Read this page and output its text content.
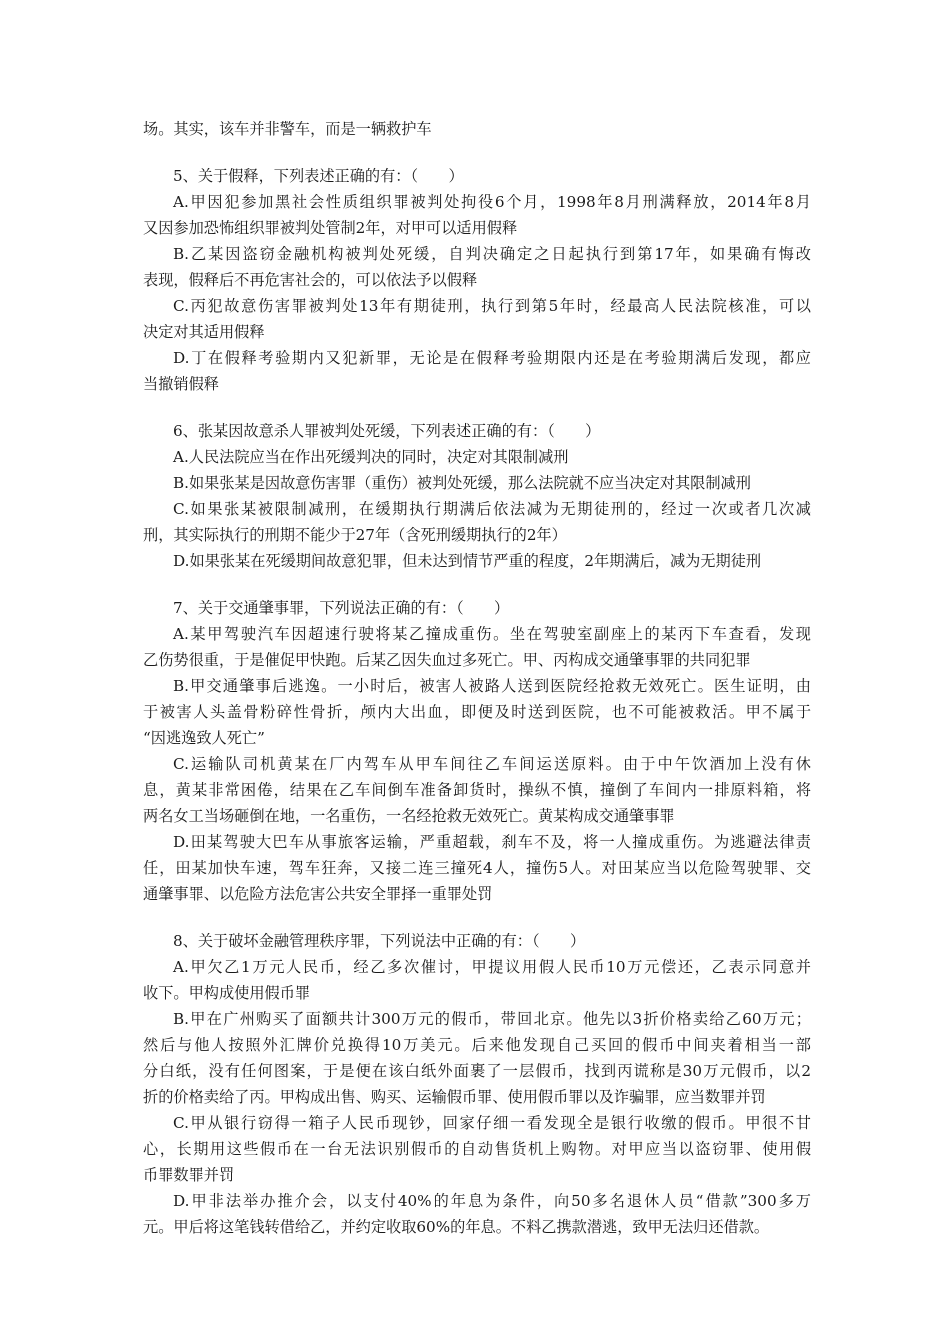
场。其实，该车并非警车，而是一辆救护车
5、关于假释，下列表述正确的有：（　　）
A.甲因犯参加黑社会性质组织罪被判处拘役6个月，1998年8月刑满释放，2014年8月
又因参加恐怖组织罪被判处管制2年，对甲可以适用假释
B.乙某因盗窃金融机构被判处死缓，自判决确定之日起执行到第17年，如果确有悔改
表现，假释后不再危害社会的，可以依法予以假释
C.丙犯故意伤害罪被判处13年有期徒刑，执行到第5年时，经最高人民法院核准，可以
决定对其适用假释
D.丁在假释考验期内又犯新罪，无论是在假释考验期限内还是在考验期满后发现，都应
当撤销假释
6、张某因故意杀人罪被判处死缓，下列表述正确的有：（　　）
A.人民法院应当在作出死缓判决的同时，决定对其限制减刑
B.如果张某是因故意伤害罪（重伤）被判处死缓，那么法院就不应当决定对其限制减刑
C.如果张某被限制减刑，在缓期执行期满后依法减为无期徒刑的，经过一次或者几次减
刑，其实际执行的刑期不能少于27年（含死刑缓期执行的2年）
D.如果张某在死缓期间故意犯罪，但未达到情节严重的程度，2年期满后，减为无期徒刑
7、关于交通肇事罪，下列说法正确的有：（　　）
A.某甲驾驶汽车因超速行驶将某乙撞成重伤。坐在驾驶室副座上的某丙下车查看，发现
乙伤势很重，于是催促甲快跑。后某乙因失血过多死亡。甲、丙构成交通肇事罪的共同犯罪
B.甲交通肇事后逃逸。一小时后，被害人被路人送到医院经抢救无效死亡。医生证明，由
于被害人头盖骨粉碎性骨折，颅内大出血，即便及时送到医院，也不可能被救活。甲不属于
“因逃逸致人死亡”
C.运输队司机黄某在厂内驾车从甲车间往乙车间运送原料。由于中午饮酒加上没有休
息，黄某非常困倦，结果在乙车间倒车准备卸货时，操纵不慎，撞倒了车间内一排原料箱，将
两名女工当场砸倒在地，一名重伤，一名经抢救无效死亡。黄某构成交通肇事罪
D.田某驾驶大巴车从事旅客运输，严重超载，刹车不及，将一人撞成重伤。为逃避法律责
任，田某加快车速，驾车狂奔，又接二连三撞死4人，撞伤5人。对田某应当以危险驾驶罪、交
通肇事罪、以危险方法危害公共安全罪择一重罪处罚
8、关于破坏金融管理秩序罪，下列说法中正确的有：（　　）
A.甲欠乙1万元人民币，经乙多次催讨，甲提议用假人民币10万元偿还，乙表示同意并
收下。甲构成使用假币罪
B.甲在广州购买了面额共计300万元的假币，带回北京。他先以3折价格卖给乙60万元；
然后与他人按照外汇牌价兑换得10万美元。后来他发现自己买回的假币中间夹着相当一部
分白纸，没有任何图案，于是便在该白纸外面裹了一层假币，找到丙谎称是30万元假币，以2
折的价格卖给了丙。甲构成出售、购买、运输假币罪、使用假币罪以及诈骗罪，应当数罪并罚
C.甲从银行窃得一箱子人民币现钞，回家仔细一看发现全是银行收缴的假币。甲很不甘
心，长期用这些假币在一台无法识别假币的自动售货机上购物。对甲应当以盗窃罪、使用假
币罪数罪并罚
D.甲非法举办推介会，以支付40%的年息为条件，向50多名退休人员“借款”300多万
元。甲后将这笔钱转借给乙，并约定收取60%的年息。不料乙携款潜逃，致甲无法归还借款。
